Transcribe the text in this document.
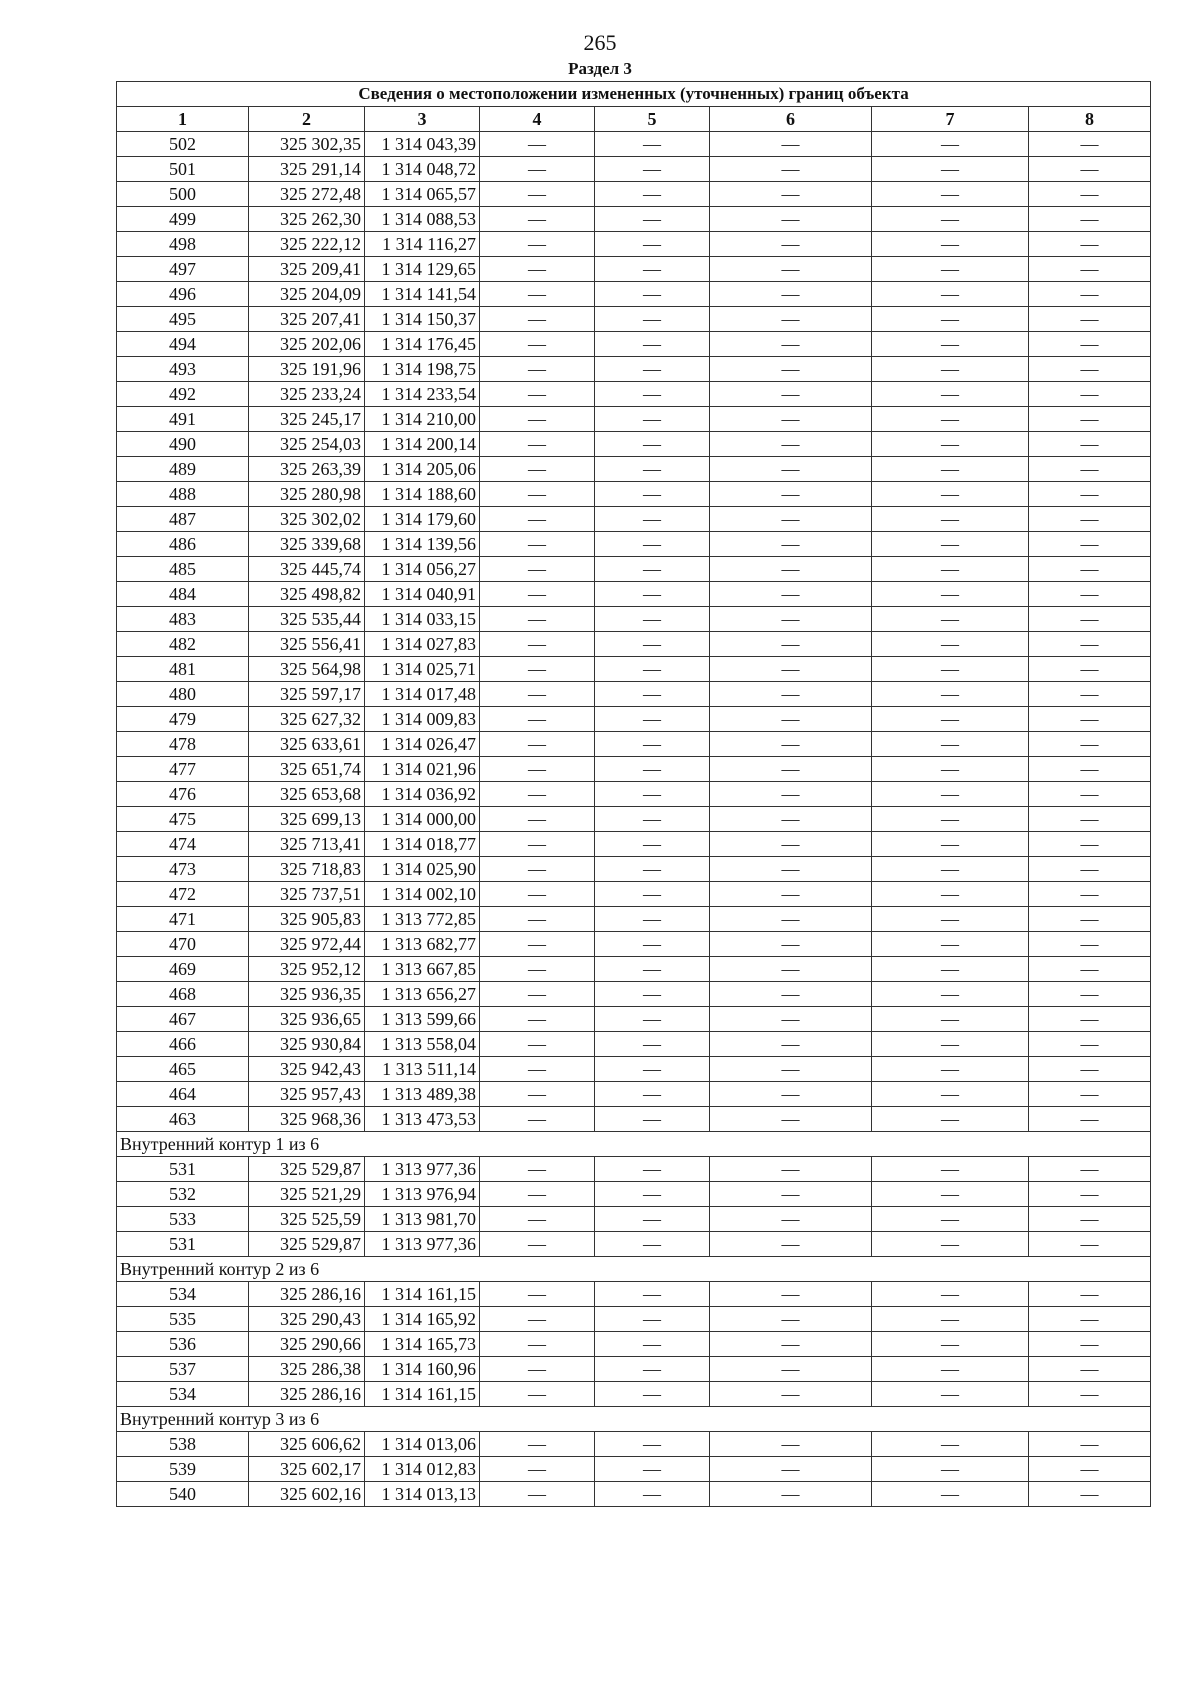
265
Раздел 3
Сведения о местоположении измененных (уточненных) границ объекта							
1	2	3	4	5	6	7	8
502	325 302,35	1 314 043,39	—	—	—	—	—
501	325 291,14	1 314 048,72	—	—	—	—	—
500	325 272,48	1 314 065,57	—	—	—	—	—
499	325 262,30	1 314 088,53	—	—	—	—	—
498	325 222,12	1 314 116,27	—	—	—	—	—
497	325 209,41	1 314 129,65	—	—	—	—	—
496	325 204,09	1 314 141,54	—	—	—	—	—
495	325 207,41	1 314 150,37	—	—	—	—	—
494	325 202,06	1 314 176,45	—	—	—	—	—
493	325 191,96	1 314 198,75	—	—	—	—	—
492	325 233,24	1 314 233,54	—	—	—	—	—
491	325 245,17	1 314 210,00	—	—	—	—	—
490	325 254,03	1 314 200,14	—	—	—	—	—
489	325 263,39	1 314 205,06	—	—	—	—	—
488	325 280,98	1 314 188,60	—	—	—	—	—
487	325 302,02	1 314 179,60	—	—	—	—	—
486	325 339,68	1 314 139,56	—	—	—	—	—
485	325 445,74	1 314 056,27	—	—	—	—	—
484	325 498,82	1 314 040,91	—	—	—	—	—
483	325 535,44	1 314 033,15	—	—	—	—	—
482	325 556,41	1 314 027,83	—	—	—	—	—
481	325 564,98	1 314 025,71	—	—	—	—	—
480	325 597,17	1 314 017,48	—	—	—	—	—
479	325 627,32	1 314 009,83	—	—	—	—	—
478	325 633,61	1 314 026,47	—	—	—	—	—
477	325 651,74	1 314 021,96	—	—	—	—	—
476	325 653,68	1 314 036,92	—	—	—	—	—
475	325 699,13	1 314 000,00	—	—	—	—	—
474	325 713,41	1 314 018,77	—	—	—	—	—
473	325 718,83	1 314 025,90	—	—	—	—	—
472	325 737,51	1 314 002,10	—	—	—	—	—
471	325 905,83	1 313 772,85	—	—	—	—	—
470	325 972,44	1 313 682,77	—	—	—	—	—
469	325 952,12	1 313 667,85	—	—	—	—	—
468	325 936,35	1 313 656,27	—	—	—	—	—
467	325 936,65	1 313 599,66	—	—	—	—	—
466	325 930,84	1 313 558,04	—	—	—	—	—
465	325 942,43	1 313 511,14	—	—	—	—	—
464	325 957,43	1 313 489,38	—	—	—	—	—
463	325 968,36	1 313 473,53	—	—	—	—	—
Внутренний контур 1 из 6							
531	325 529,87	1 313 977,36	—	—	—	—	—
532	325 521,29	1 313 976,94	—	—	—	—	—
533	325 525,59	1 313 981,70	—	—	—	—	—
531	325 529,87	1 313 977,36	—	—	—	—	—
Внутренний контур 2 из 6							
534	325 286,16	1 314 161,15	—	—	—	—	—
535	325 290,43	1 314 165,92	—	—	—	—	—
536	325 290,66	1 314 165,73	—	—	—	—	—
537	325 286,38	1 314 160,96	—	—	—	—	—
534	325 286,16	1 314 161,15	—	—	—	—	—
Внутренний контур 3 из 6							
538	325 606,62	1 314 013,06	—	—	—	—	—
539	325 602,17	1 314 012,83	—	—	—	—	—
540	325 602,16	1 314 013,13	—	—	—	—	—
